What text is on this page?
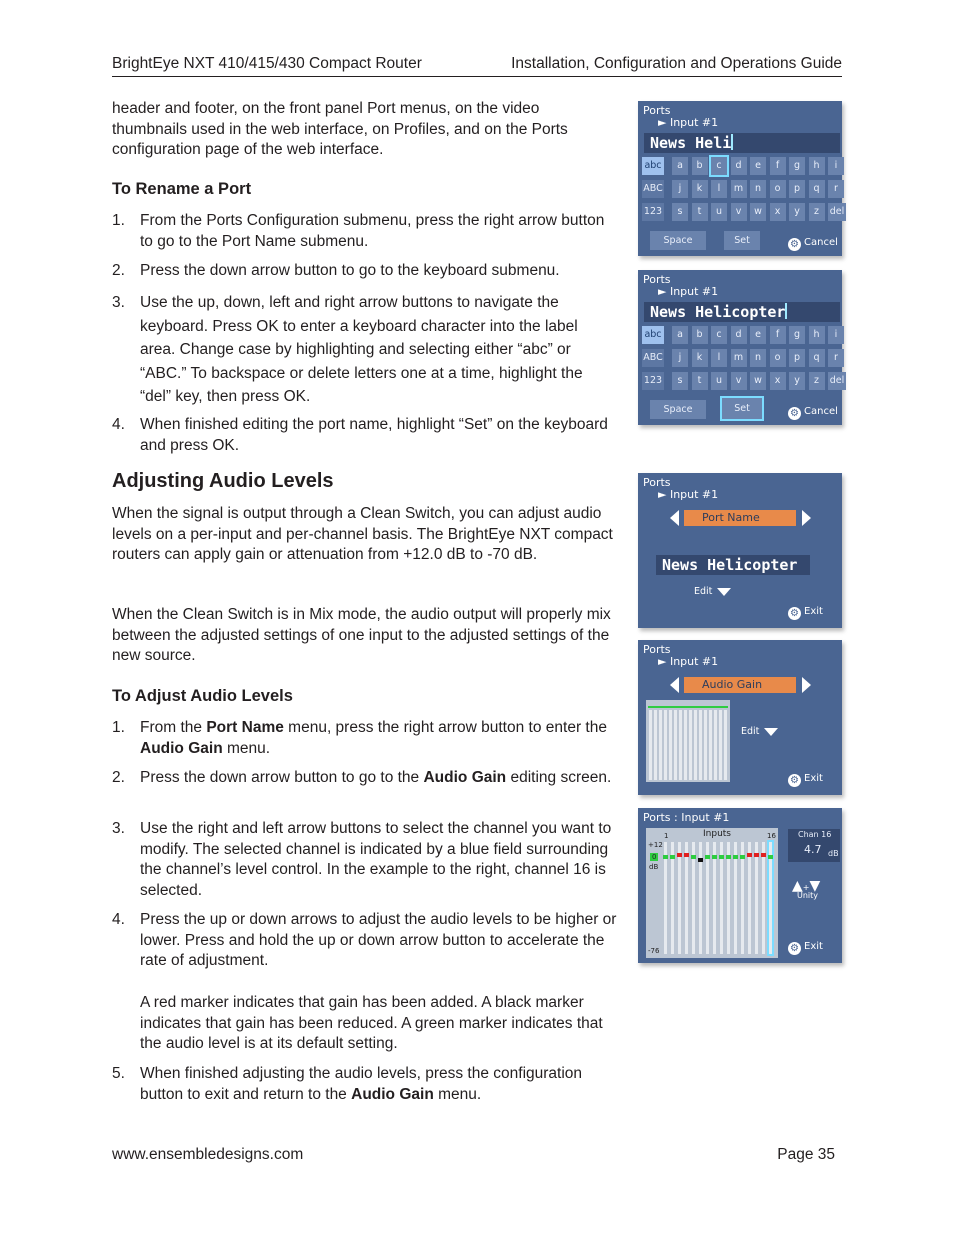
BrightEye NXT 410/415/430 Compact Router	Installation, Configuration and Operations Guide
header and footer, on the front panel Port menus, on the video thumbnails used in the web interface, on Profiles, and on the Ports configuration page of the web interface.
To Rename a Port
1. From the Ports Configuration submenu, press the right arrow button to go to the Port Name submenu.
2. Press the down arrow button to go to the keyboard submenu.
3. Use the up, down, left and right arrow buttons to navigate the keyboard. Press OK to enter a keyboard character into the label area. Change case by highlighting and selecting either “abc” or “ABC.” To backspace or delete letters one at a time, highlight the “del” key, then press OK.
4. When finished editing the port name, highlight “Set” on the keyboard and press OK.
Adjusting Audio Levels
When the signal is output through a Clean Switch, you can adjust audio levels on a per-input and per-channel basis. The BrightEye NXT compact routers can apply gain or attenuation from +12.0 dB to -70 dB.
When the Clean Switch is in Mix mode, the audio output will properly mix between the adjusted settings of one input to the adjusted settings of the new source.
To Adjust Audio Levels
1. From the Port Name menu, press the right arrow button to enter the Audio Gain menu.
2. Press the down arrow button to go to the Audio Gain editing screen.
3. Use the right and left arrow buttons to select the channel you want to modify. The selected channel is indicated by a blue field surrounding the channel’s level control. In the example to the right, channel 16 is selected.
4. Press the up or down arrows to adjust the audio levels to be higher or lower. Press and hold the up or down arrow button to accelerate the rate of adjustment.
A red marker indicates that gain has been added. A black marker indicates that gain has been reduced. A green marker indicates that the audio level is at its default setting.
5. When finished adjusting the audio levels, press the configuration button to exit and return to the Audio Gain menu.
www.ensembledesigns.com	Page 35
Ports
► Input #1
News Heli
abc	a	b	c	d	e	f	g	h	i
ABC	j	k	l	m	n	o	p	q	r
123	s	t	u	v	w	x	y	z	del
Space	Set	⚙ Cancel
Ports
► Input #1
News Helicopter
abc	a	b	c	d	e	f	g	h	i
ABC	j	k	l	m	n	o	p	q	r
123	s	t	u	v	w	x	y	z	del
Space	Set	⚙ Cancel
Ports
► Input #1
Port Name
News Helicopter
Edit
⚙ Exit
Ports
► Input #1
Audio Gain
Edit
⚙ Exit
Ports : Input #1
Inputs
1	16
+12
0
dB
-76
Chan 16
4.7 dB
▲+▼
Unity
⚙ Exit
